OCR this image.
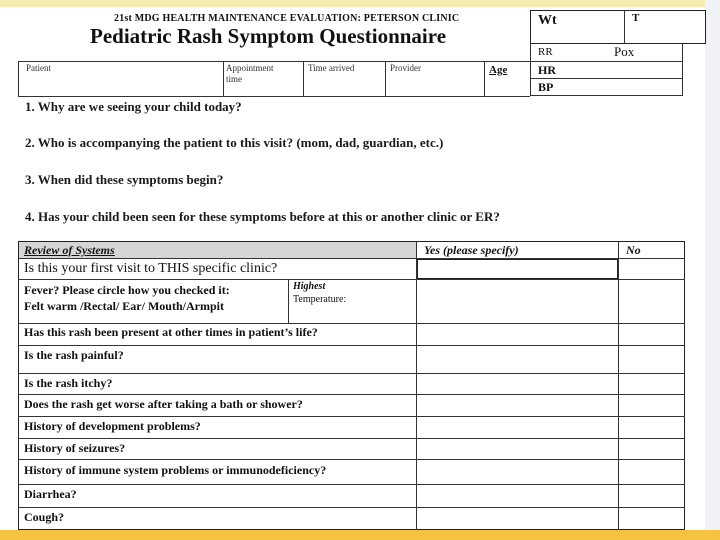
21st MDG HEALTH MAINTENANCE EVALUATION: PETERSON CLINIC
Pediatric Rash Symptom Questionnaire
Wt	T
RR	Pox
HR
BP
Patient	Appointment
time
Time arrived	Provider	Age
1. Why are we seeing your child today?
2. Who is accompanying the patient to this visit? (mom, dad, guardian, etc.)
3. When did these symptoms begin?
4. Has your child been seen for these symptoms before at this or another clinic or ER?
Review of Systems	Yes (please specify)	No
Is this your first visit to THIS specific clinic?
Fever? Please circle how you checked it:
Felt warm /Rectal/ Ear/ Mouth/Armpit
Highest
Temperature:
Has this rash been present at other times in patient’s life?
Is the rash painful?
Is the rash itchy?
Does the rash get worse after taking a bath or shower?
History of development problems?
History of seizures?
History of immune system problems or immunodeficiency?
Diarrhea?
Cough?
